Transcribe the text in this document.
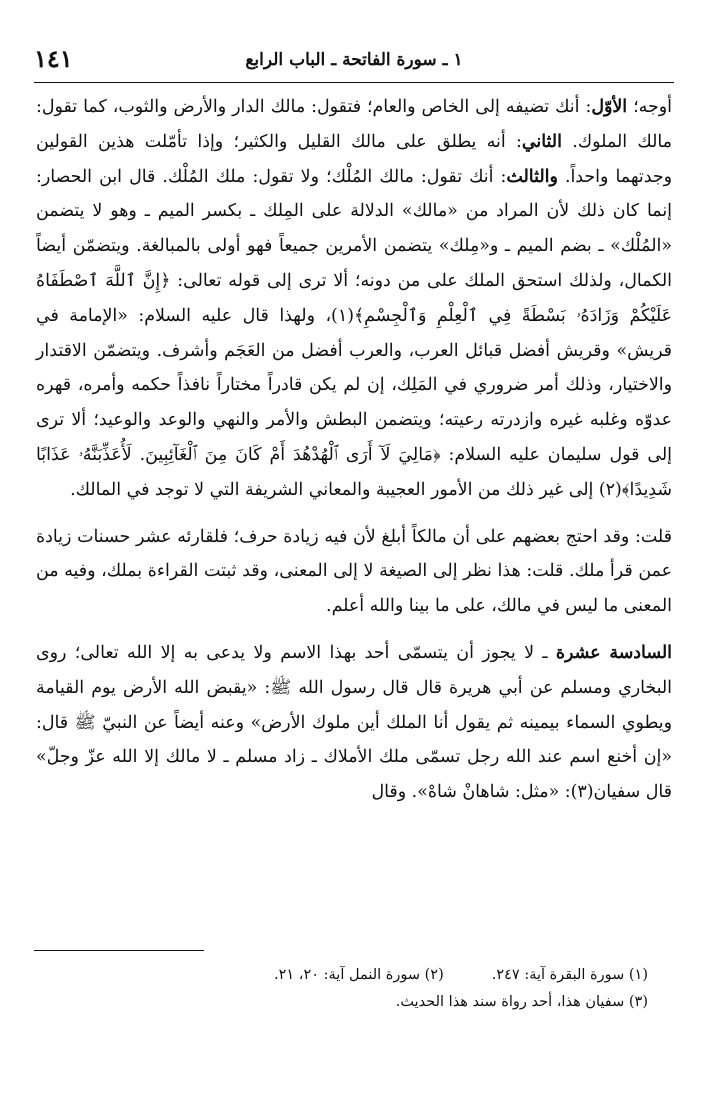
١٤١	١ ـ سورة الفاتحة ـ الباب الرابع

أوجه؛ الأوّل: أنك تضيفه إلى الخاص والعام؛ فتقول: مالك الدار والأرض والثوب، كما تقول: مالك الملوك. الثاني: أنه يطلق على مالك القليل والكثير؛ وإذا تأمّلت هذين القولين وجدتهما واحداً. والثالث: أنك تقول: مالك المُلْك؛ ولا تقول: ملك المُلْك. قال ابن الحصار: إنما كان ذلك لأن المراد من «مالك» الدلالة على المِلك ـ بكسر الميم ـ وهو لا يتضمن «المُلْك» ـ بضم الميم ـ و«مِلك» يتضمن الأمرين جميعاً فهو أولى بالمبالغة. ويتضمّن أيضاً الكمال، ولذلك استحق الملك على من دونه؛ ألا ترى إلى قوله تعالى: ﴿إِنَّ ٱللَّهَ ٱصْطَفَاهُ عَلَيْكُمْ وَزَادَهُۥ بَسْطَةً فِي ٱلْعِلْمِ وَٱلْجِسْمِ﴾(١)، ولهذا قال عليه السلام: «الإمامة في قريش» وقريش أفضل قبائل العرب، والعرب أفضل من العَجَم وأشرف. ويتضمّن الاقتدار والاختيار، وذلك أمر ضروري في المَلِك، إن لم يكن قادراً مختاراً نافذاً حكمه وأمره، قهره عدوّه وغلبه غيره وازدرته رعيته؛ ويتضمن البطش والأمر والنهي والوعد والوعيد؛ ألا ترى إلى قول سليمان عليه السلام: ﴿مَالِيَ لَآ أَرَى ٱلْهُدْهُدَ أَمْ كَانَ مِنَ ٱلْغَآئِبِينَ. لَأُعَذِّبَنَّهُۥ عَذَابًا شَدِيدًا﴾(٢) إلى غير ذلك من الأمور العجيبة والمعاني الشريفة التي لا توجد في المالك.

قلت: وقد احتج بعضهم على أن مالكاً أبلغ لأن فيه زيادة حرف؛ فلقارئه عشر حسنات زيادة عمن قرأ ملك. قلت: هذا نظر إلى الصيغة لا إلى المعنى، وقد ثبتت القراءة بملك، وفيه من المعنى ما ليس في مالك، على ما بينا والله أعلم.

السادسة عشرة ـ لا يجوز أن يتسمّى أحد بهذا الاسم ولا يدعى به إلا الله تعالى؛ روى البخاري ومسلم عن أبي هريرة قال قال رسول الله ﷺ: «يقبض الله الأرض يوم القيامة ويطوي السماء بيمينه ثم يقول أنا الملك أين ملوك الأرض» وعنه أيضاً عن النبيّ ﷺ قال: «إن أخنع اسم عند الله رجل تسمّى ملك الأملاك ـ زاد مسلم ـ لا مالك إلا الله عزّ وجلّ» قال سفيان(٣): «مثل: شاهانْ شاهْ». وقال

(١) سورة البقرة آية: ٢٤٧.(٢) سورة النمل آية: ٢٠، ٢١.
(٣) سفيان هذا، أحد رواة سند هذا الحديث.
